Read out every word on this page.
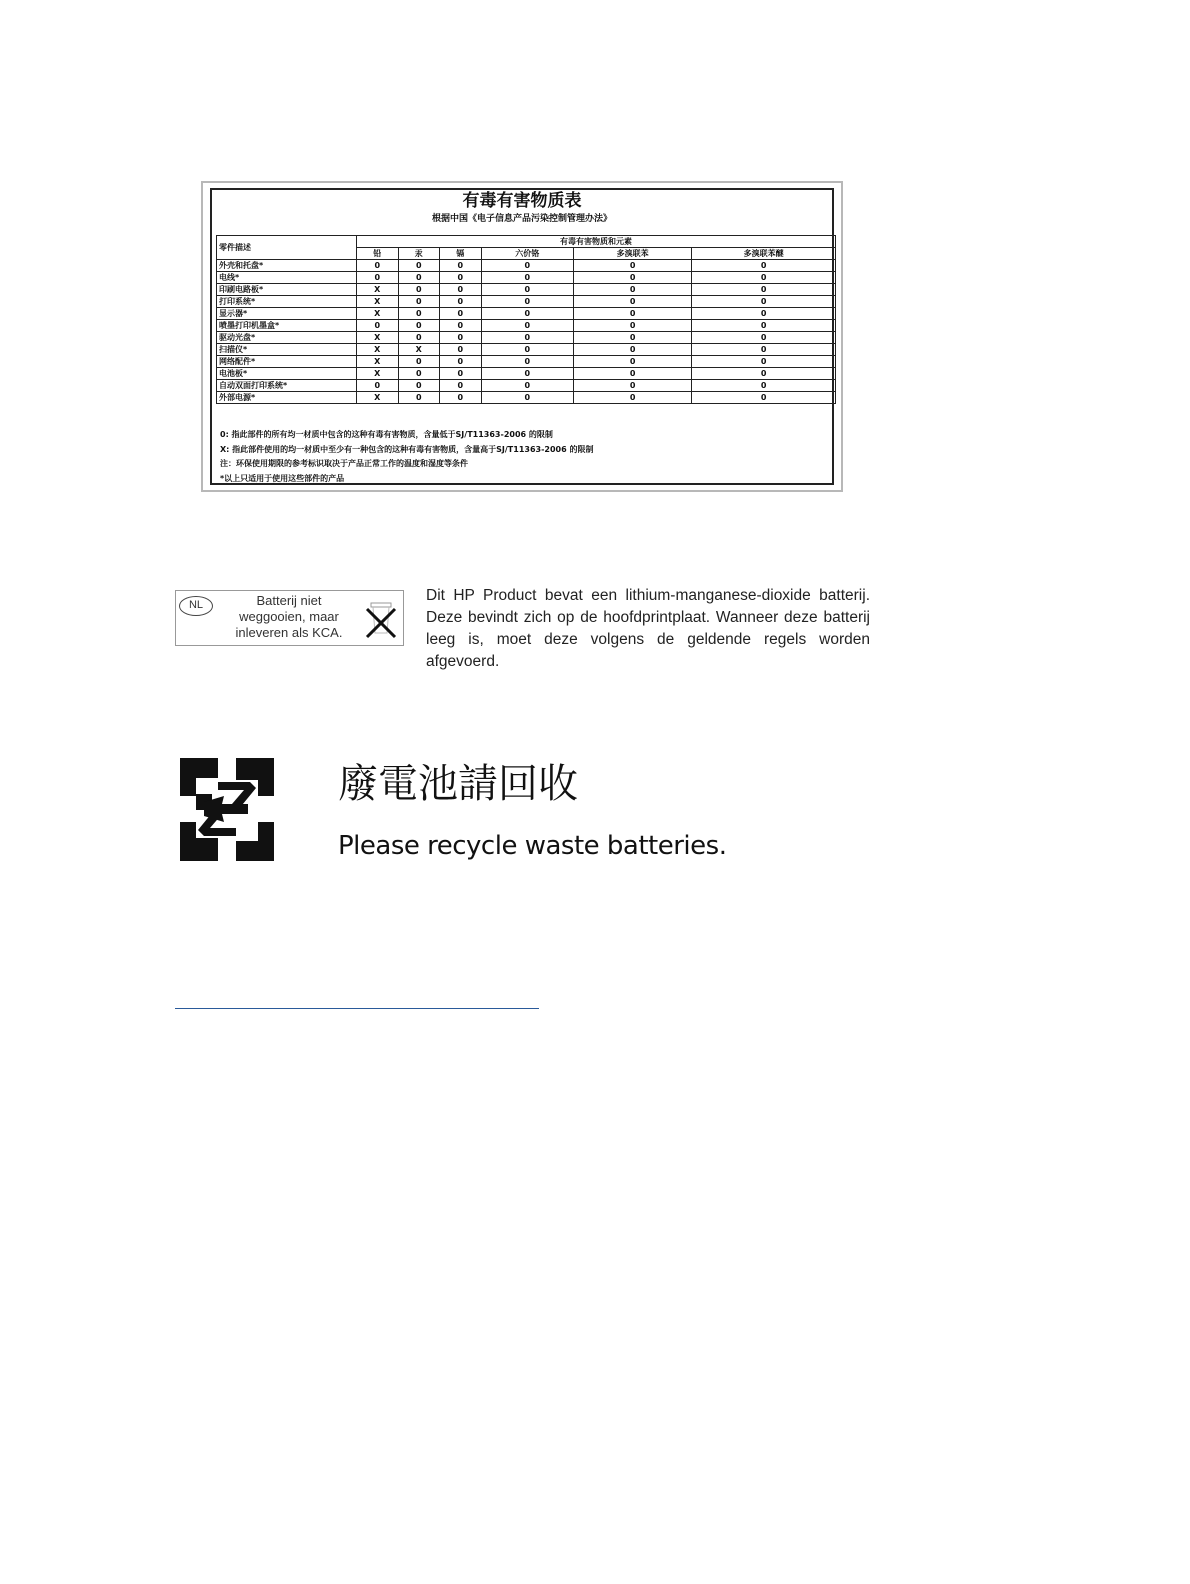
有毒有害物质表
根据中国《电子信息产品污染控制管理办法》
零件描述	有毒有害物质和元素					
	铅	汞	镉	六价铬	多溴联苯	多溴联苯醚
外壳和托盘*	0	0	0	0	0	0
电线*	0	0	0	0	0	0
印刷电路板*	X	0	0	0	0	0
打印系统*	X	0	0	0	0	0
显示器*	X	0	0	0	0	0
喷墨打印机墨盒*	0	0	0	0	0	0
驱动光盘*	X	0	0	0	0	0
扫描仪*	X	X	0	0	0	0
网络配件*	X	0	0	0	0	0
电池板*	X	0	0	0	0	0
自动双面打印系统*	0	0	0	0	0	0
外部电源*	X	0	0	0	0	0
0: 指此部件的所有均一材质中包含的这种有毒有害物质，含量低于SJ/T11363-2006 的限制
X: 指此部件使用的均一材质中至少有一种包含的这种有毒有害物质，含量高于SJ/T11363-2006 的限制
注：环保使用期限的参考标识取决于产品正常工作的温度和湿度等条件
*以上只适用于使用这些部件的产品
NL	Batterij niet
weggooien, maar
inleveren als KCA.
Dit HP Product bevat een lithium-manganese-dioxide batterij. Deze bevindt zich op de hoofdprintplaat. Wanneer deze batterij leeg is, moet deze volgens de geldende regels worden afgevoerd.
廢電池請回收
Please recycle waste batteries.
